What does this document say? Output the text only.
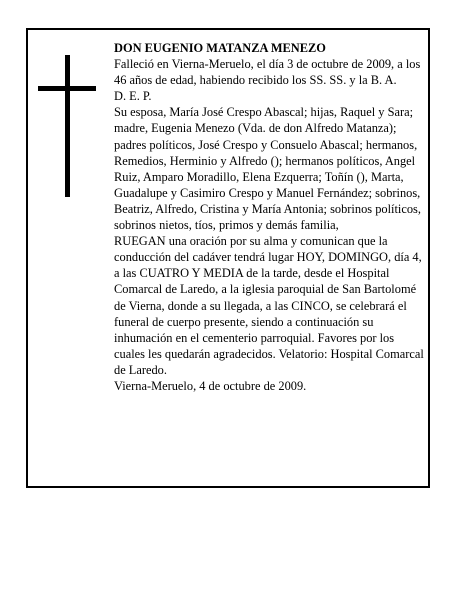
DON EUGENIO MATANZA MENEZO

Falleció en Vierna-Meruelo, el día 3 de octubre de 2009, a los 46 años de edad, habiendo recibido los SS. SS. y la B. A.

D. E. P.

Su esposa, María José Crespo Abascal; hijas, Raquel y Sara; madre, Eugenia Menezo (Vda. de don Alfredo Matanza); padres políticos, José Crespo y Consuelo Abascal; hermanos, Remedios, Herminio y Alfredo (); hermanos políticos, Angel Ruiz, Amparo Moradillo, Elena Ezquerra; Toñín (), Marta, Guadalupe y Casimiro Crespo y Manuel Fernández; sobrinos, Beatriz, Alfredo, Cristina y María Antonia; sobrinos políticos, sobrinos nietos, tíos, primos y demás familia,

RUEGAN una oración por su alma y comunican que la conducción del cadáver tendrá lugar HOY, DOMINGO, día 4, a las CUATRO Y MEDIA de la tarde, desde el Hospital Comarcal de Laredo, a la iglesia paroquial de San Bartolomé de Vierna, donde a su llegada, a las CINCO, se celebrará el funeral de cuerpo presente, siendo a continuación su inhumación en el cementerio parroquial. Favores por los cuales les quedarán agradecidos. Velatorio: Hospital Comarcal de Laredo.

Vierna-Meruelo, 4 de octubre de 2009.
